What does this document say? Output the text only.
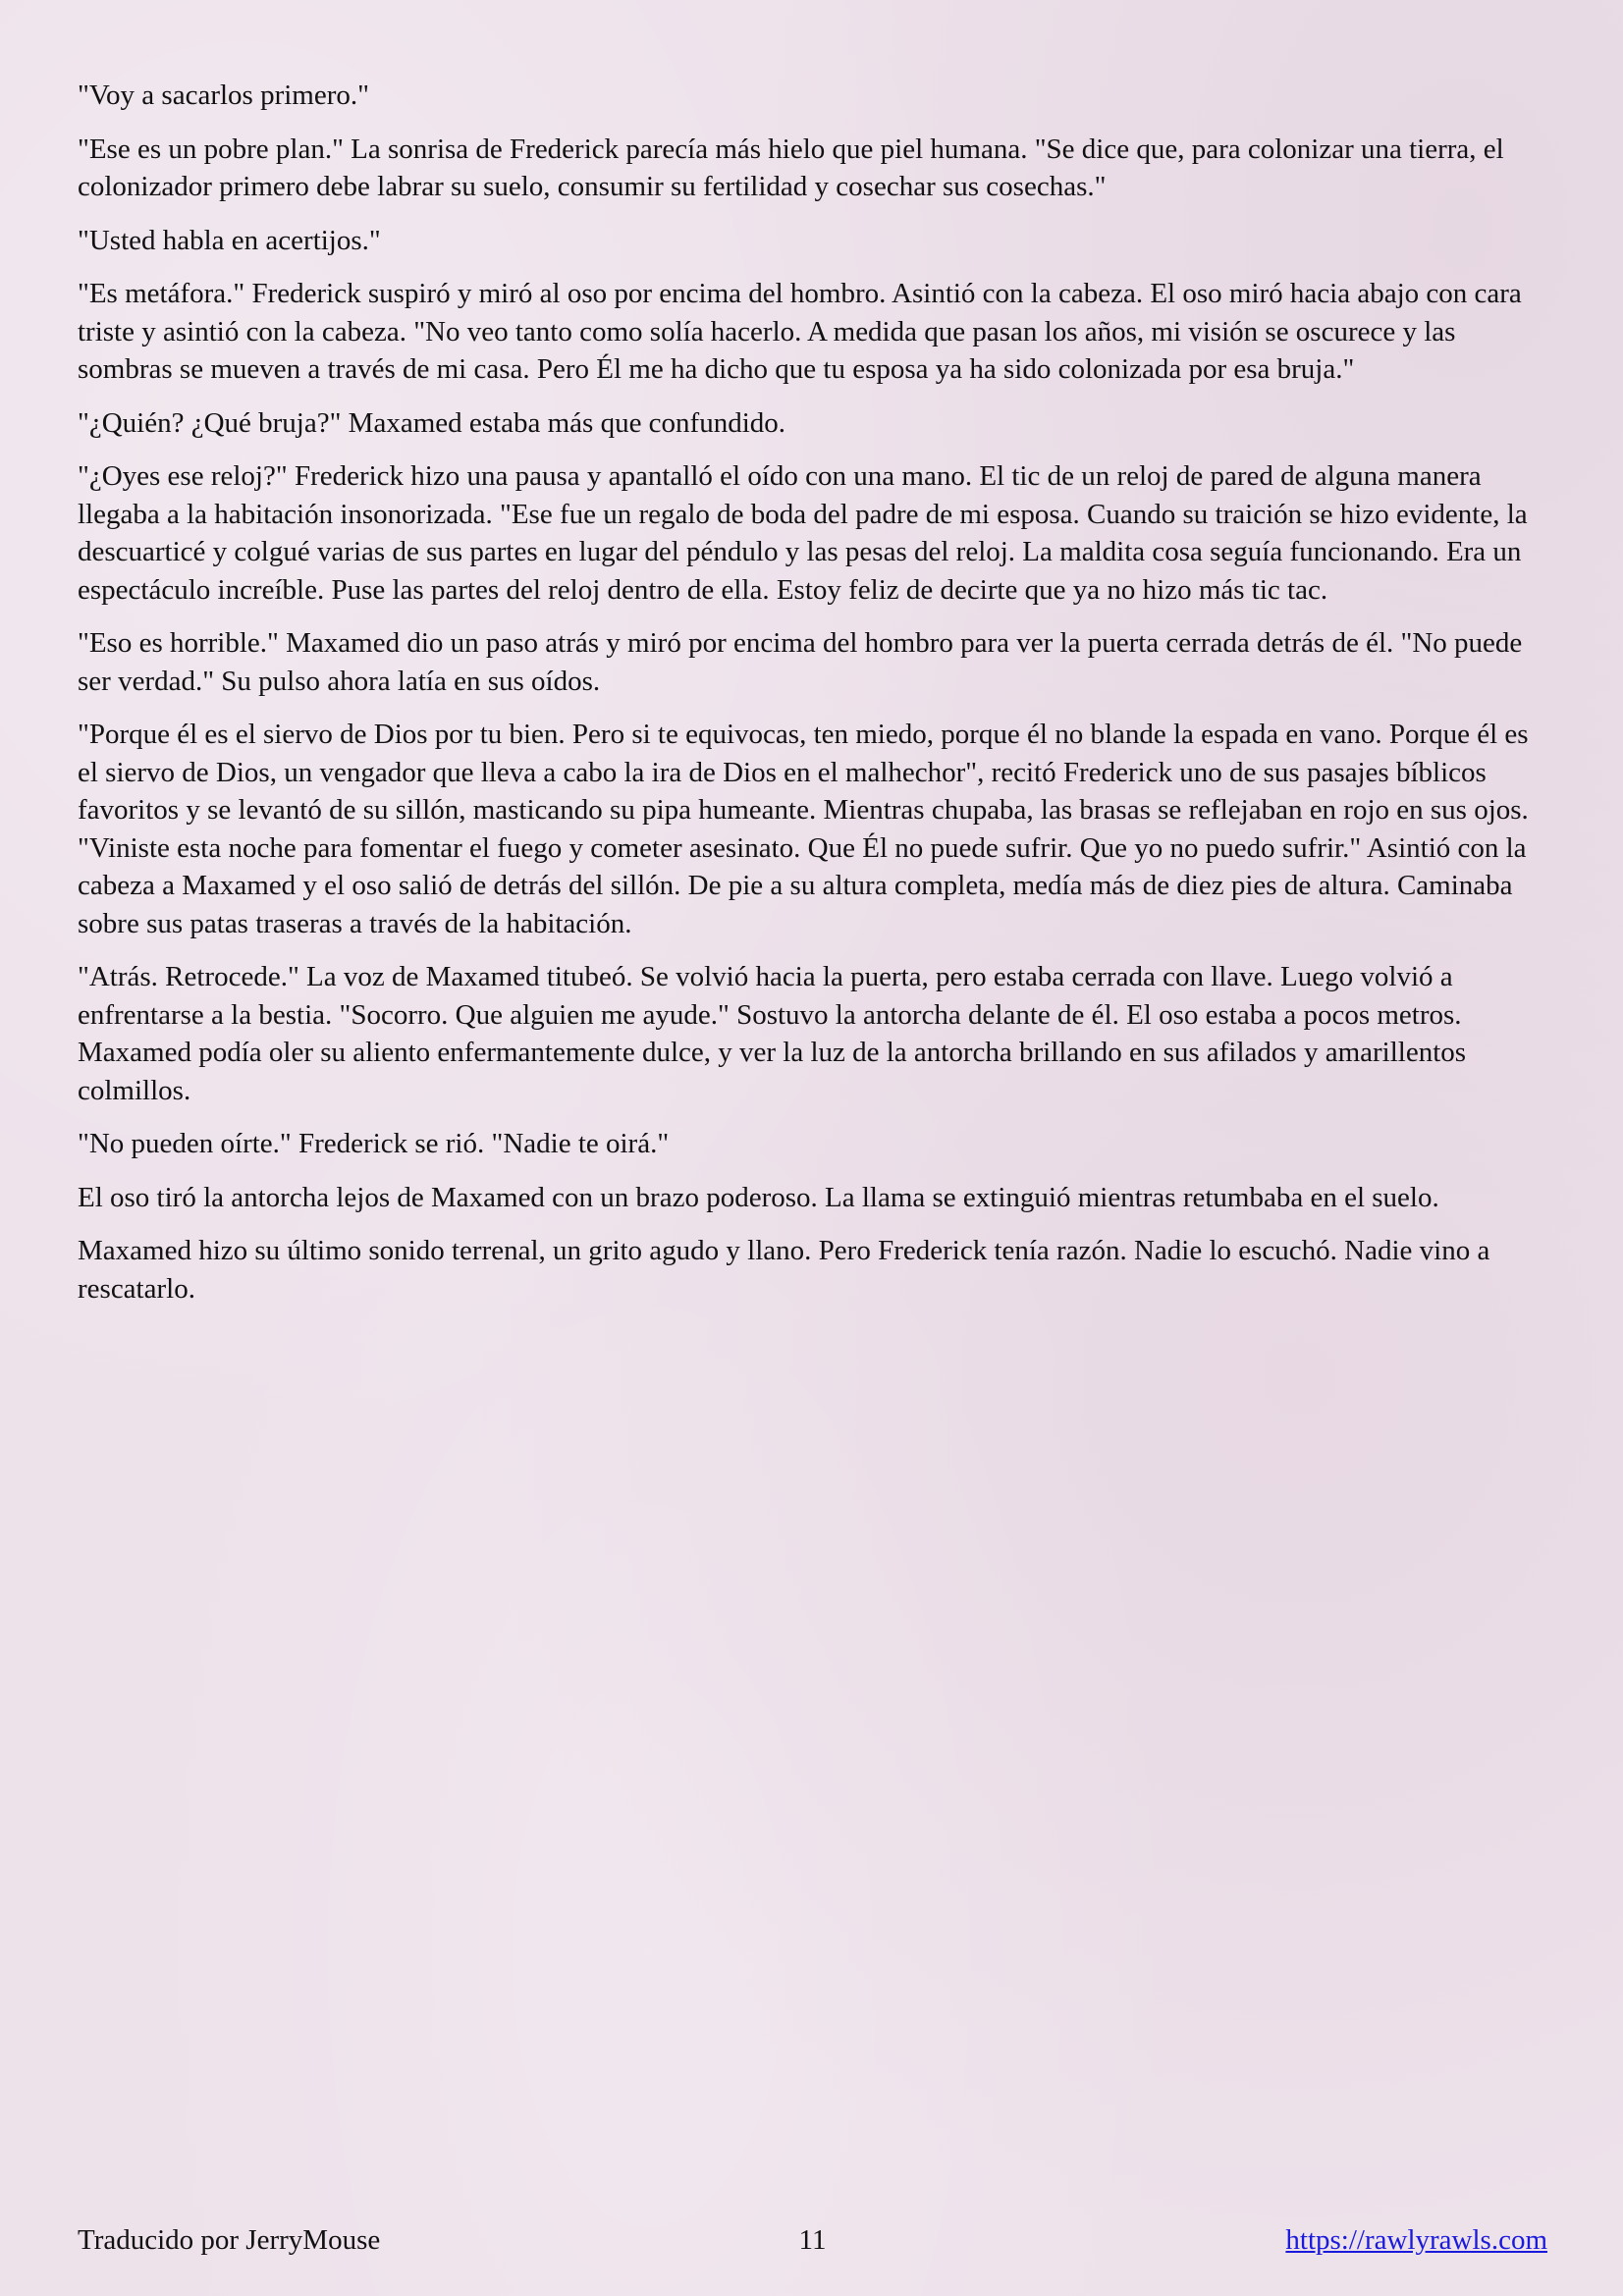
"Voy a sacarlos primero."

"Ese es un pobre plan." La sonrisa de Frederick parecía más hielo que piel humana. "Se dice que, para colonizar una tierra, el colonizador primero debe labrar su suelo, consumir su fertilidad y cosechar sus cosechas."

"Usted habla en acertijos."

"Es metáfora." Frederick suspiró y miró al oso por encima del hombro. Asintió con la cabeza. El oso miró hacia abajo con cara triste y asintió con la cabeza. "No veo tanto como solía hacerlo. A medida que pasan los años, mi visión se oscurece y las sombras se mueven a través de mi casa. Pero Él me ha dicho que tu esposa ya ha sido colonizada por esa bruja."

"¿Quién? ¿Qué bruja?" Maxamed estaba más que confundido.

"¿Oyes ese reloj?" Frederick hizo una pausa y apantalló el oído con una mano. El tic de un reloj de pared de alguna manera llegaba a la habitación insonorizada. "Ese fue un regalo de boda del padre de mi esposa. Cuando su traición se hizo evidente, la descuarticé y colgué varias de sus partes en lugar del péndulo y las pesas del reloj. La maldita cosa seguía funcionando. Era un espectáculo increíble. Puse las partes del reloj dentro de ella. Estoy feliz de decirte que ya no hizo más tic tac.

"Eso es horrible." Maxamed dio un paso atrás y miró por encima del hombro para ver la puerta cerrada detrás de él. "No puede ser verdad." Su pulso ahora latía en sus oídos.

"Porque él es el siervo de Dios por tu bien. Pero si te equivocas, ten miedo, porque él no blande la espada en vano. Porque él es el siervo de Dios, un vengador que lleva a cabo la ira de Dios en el malhechor", recitó Frederick uno de sus pasajes bíblicos favoritos y se levantó de su sillón, masticando su pipa humeante. Mientras chupaba, las brasas se reflejaban en rojo en sus ojos. "Viniste esta noche para fomentar el fuego y cometer asesinato. Que Él no puede sufrir. Que yo no puedo sufrir." Asintió con la cabeza a Maxamed y el oso salió de detrás del sillón. De pie a su altura completa, medía más de diez pies de altura. Caminaba sobre sus patas traseras a través de la habitación.

"Atrás. Retrocede." La voz de Maxamed titubeó. Se volvió hacia la puerta, pero estaba cerrada con llave. Luego volvió a enfrentarse a la bestia. "Socorro. Que alguien me ayude." Sostuvo la antorcha delante de él. El oso estaba a pocos metros. Maxamed podía oler su aliento enfermantemente dulce, y ver la luz de la antorcha brillando en sus afilados y amarillentos colmillos.

"No pueden oírte." Frederick se rió. "Nadie te oirá."

El oso tiró la antorcha lejos de Maxamed con un brazo poderoso. La llama se extinguió mientras retumbaba en el suelo.

Maxamed hizo su último sonido terrenal, un grito agudo y llano. Pero Frederick tenía razón. Nadie lo escuchó. Nadie vino a rescatarlo.

Traducido por JerryMouse	11	https://rawlyrawls.com
